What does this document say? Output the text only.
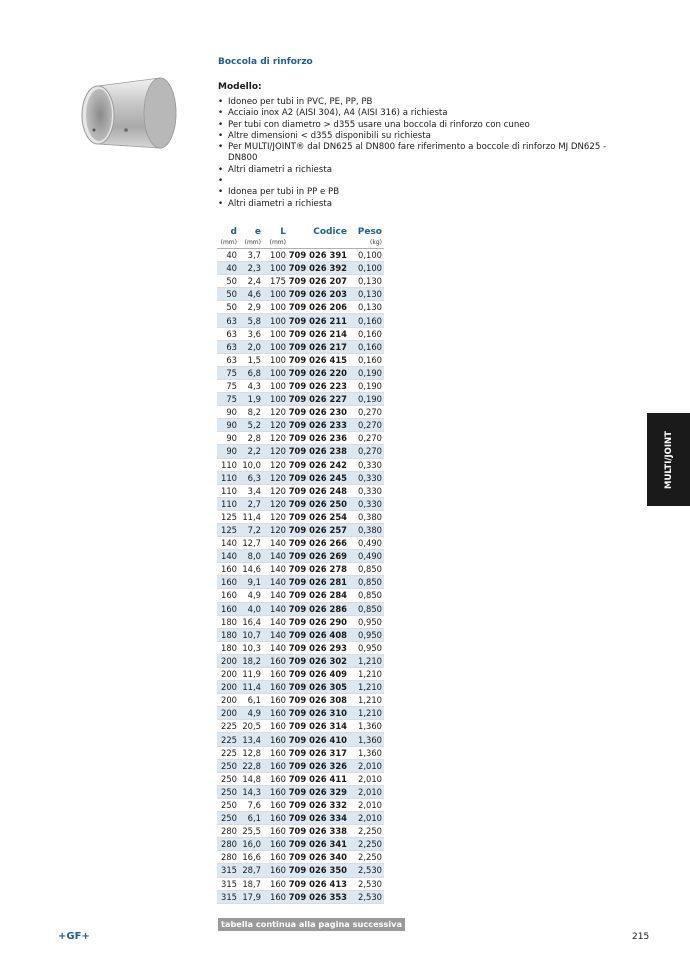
Boccola di rinforzo
Modello:
• Idoneo per tubi in PVC, PE, PP, PB
• Acciaio inox A2 (AISI 304), A4 (AISI 316) a richiesta
• Per tubi con diametro > d355 usare una boccola di rinforzo con cuneo
• Altre dimensioni < d355 disponibili su richiesta
• Per MULTI/JOINT® dal DN625 al DN800 fare riferimento a boccole di rinforzo MJ DN625 - DN800
• Altri diametri a richiesta
•
• Idonea per tubi in PP e PB
• Altri diametri a richiesta
d	e	L	Codice	Peso
(mm)	(mm)	(mm)		(kg)
40	3,7	100	709 026 391	0,100
40	2,3	100	709 026 392	0,100
50	2,4	175	709 026 207	0,130
50	4,6	100	709 026 203	0,130
50	2,9	100	709 026 206	0,130
63	5,8	100	709 026 211	0,160
63	3,6	100	709 026 214	0,160
63	2,0	100	709 026 217	0,160
63	1,5	100	709 026 415	0,160
75	6,8	100	709 026 220	0,190
75	4,3	100	709 026 223	0,190
75	1,9	100	709 026 227	0,190
90	8,2	120	709 026 230	0,270
90	5,2	120	709 026 233	0,270
90	2,8	120	709 026 236	0,270
90	2,2	120	709 026 238	0,270
110	10,0	120	709 026 242	0,330
110	6,3	120	709 026 245	0,330
110	3,4	120	709 026 248	0,330
110	2,7	120	709 026 250	0,330
125	11,4	120	709 026 254	0,380
125	7,2	120	709 026 257	0,380
140	12,7	140	709 026 266	0,490
140	8,0	140	709 026 269	0,490
160	14,6	140	709 026 278	0,850
160	9,1	140	709 026 281	0,850
160	4,9	140	709 026 284	0,850
160	4,0	140	709 026 286	0,850
180	16,4	140	709 026 290	0,950
180	10,7	140	709 026 408	0,950
180	10,3	140	709 026 293	0,950
200	18,2	160	709 026 302	1,210
200	11,9	160	709 026 409	1,210
200	11,4	160	709 026 305	1,210
200	6,1	160	709 026 308	1,210
200	4,9	160	709 026 310	1,210
225	20,5	160	709 026 314	1,360
225	13,4	160	709 026 410	1,360
225	12,8	160	709 026 317	1,360
250	22,8	160	709 026 326	2,010
250	14,8	160	709 026 411	2,010
250	14,3	160	709 026 329	2,010
250	7,6	160	709 026 332	2,010
250	6,1	160	709 026 334	2,010
280	25,5	160	709 026 338	2,250
280	16,0	160	709 026 341	2,250
280	16,6	160	709 026 340	2,250
315	28,7	160	709 026 350	2,530
315	18,7	160	709 026 413	2,530
315	17,9	160	709 026 353	2,530
tabella continua alla pagina successiva
MULTI/JOINT
+GF+	215
